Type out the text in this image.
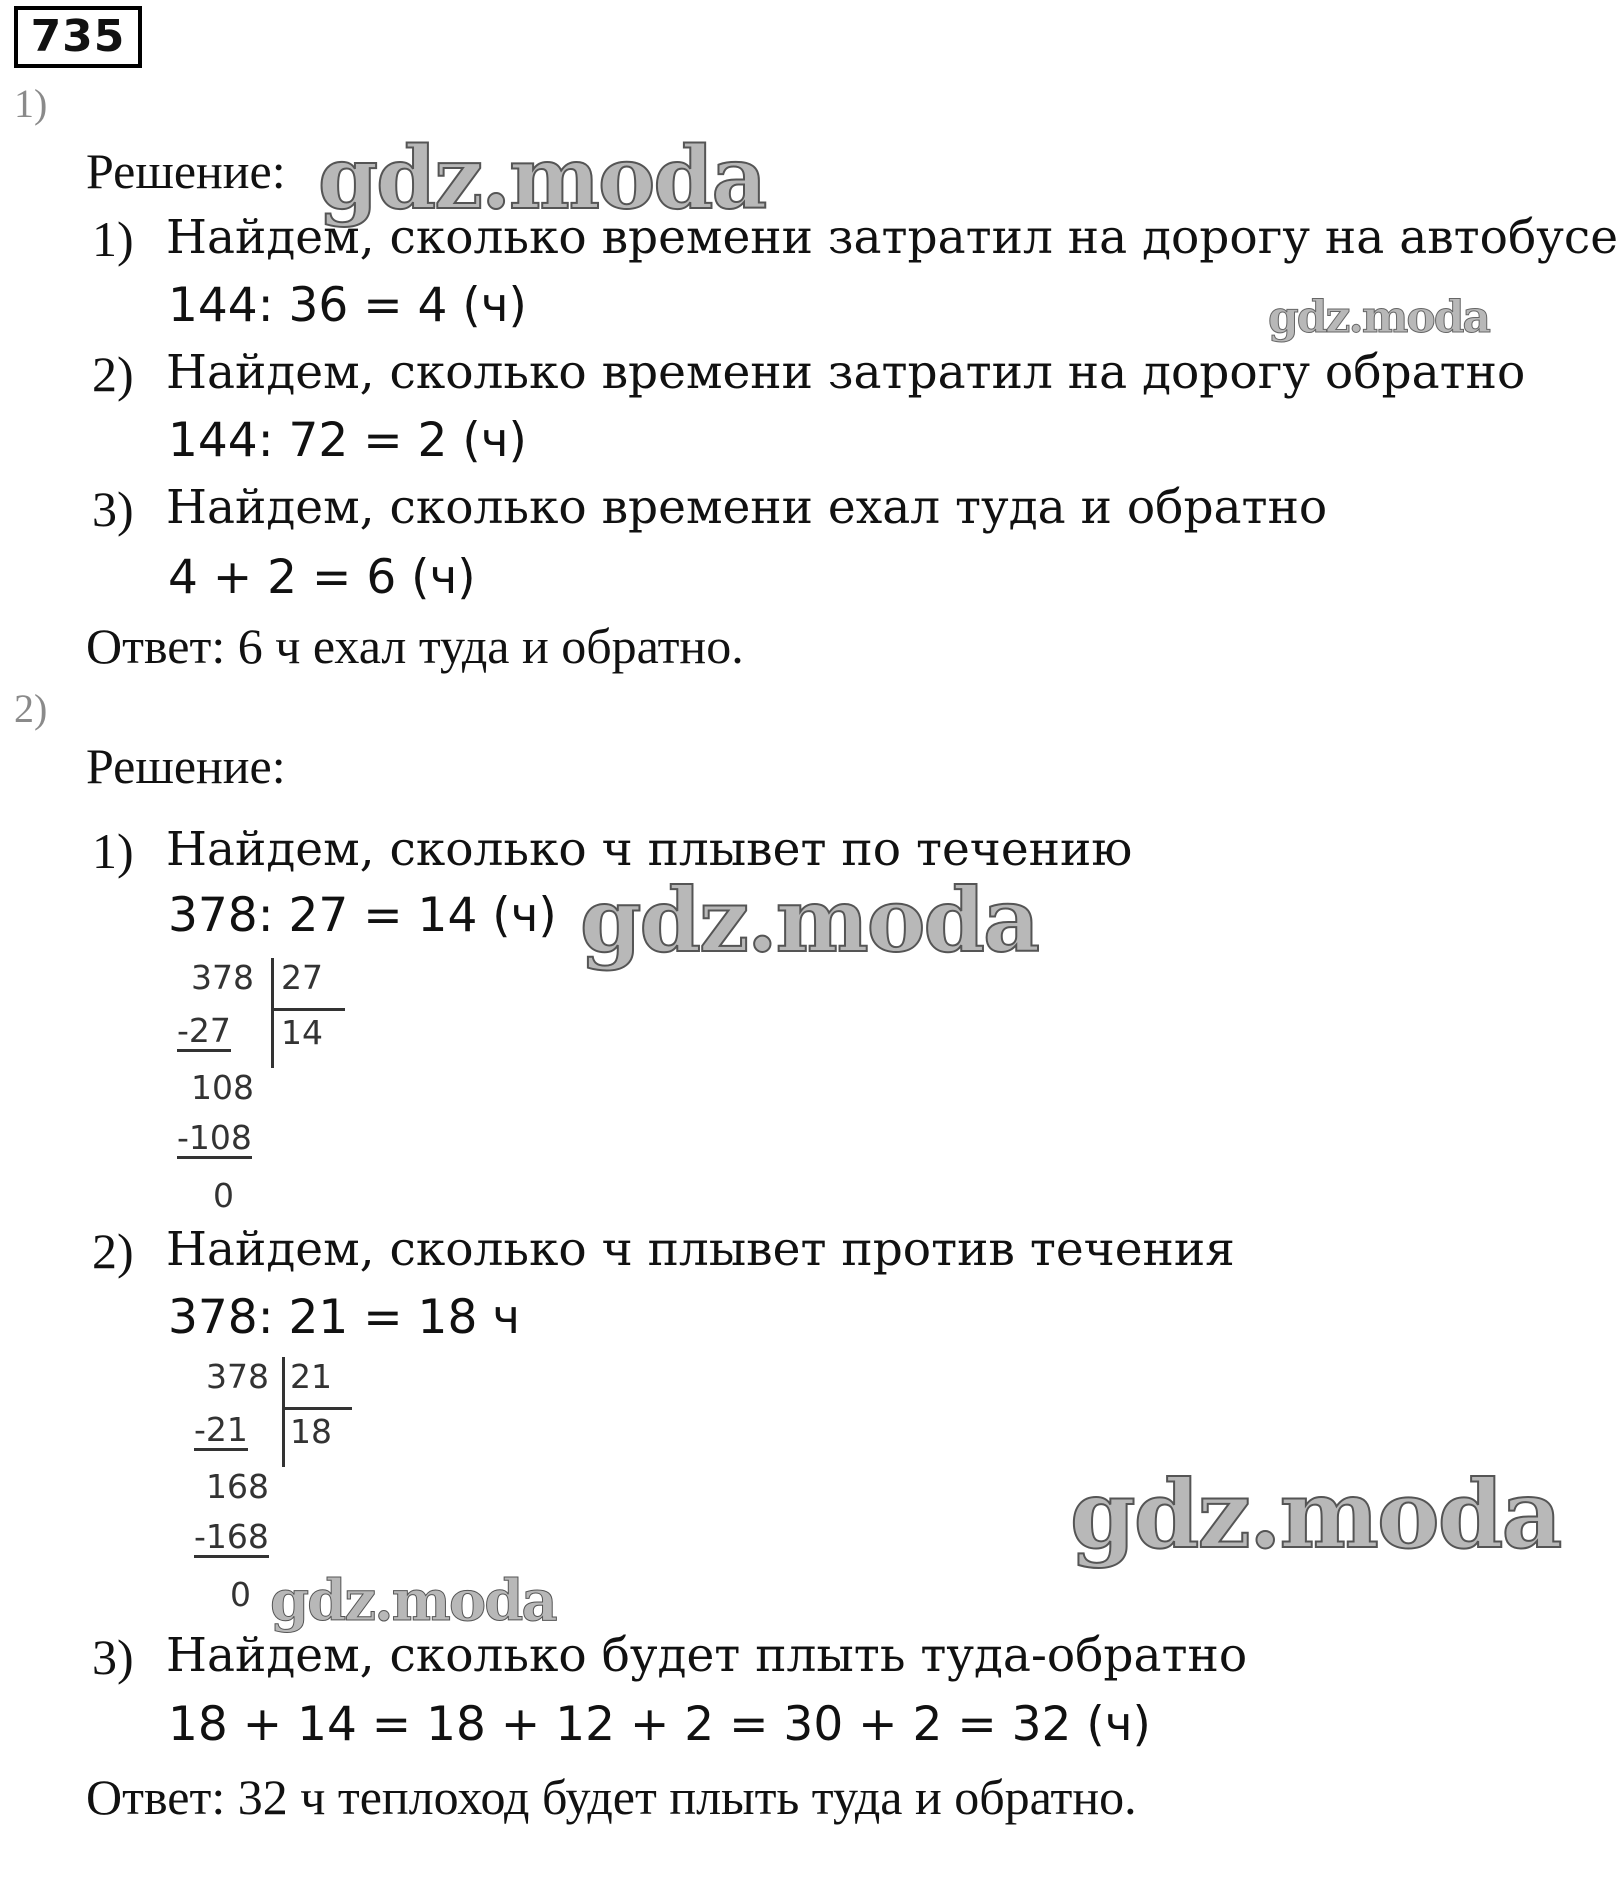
735
1)
Решение:
1) Найдем, сколько времени затратил на дорогу на автобусе
144: 36 = 4 (ч)
2) Найдем, сколько времени затратил на дорогу обратно
144: 72 = 2 (ч)
3) Найдем, сколько времени ехал туда и обратно
4 + 2 = 6 (ч)
Ответ: 6 ч ехал туда и обратно.
2)
Решение:
1) Найдем, сколько ч плывет по течению
378: 27 = 14 (ч)
378 27
-27 14
108
-108
0
2) Найдем, сколько ч плывет против течения
378: 21 = 18 ч
378 21
-21 18
168
-168
0
3) Найдем, сколько будет плыть туда-обратно
18 + 14 = 18 + 12 + 2 = 30 + 2 = 32 (ч)
Ответ: 32 ч теплоход будет плыть туда и обратно.
gdz.moda
gdz.moda
gdz.moda
gdz.moda
gdz.moda
